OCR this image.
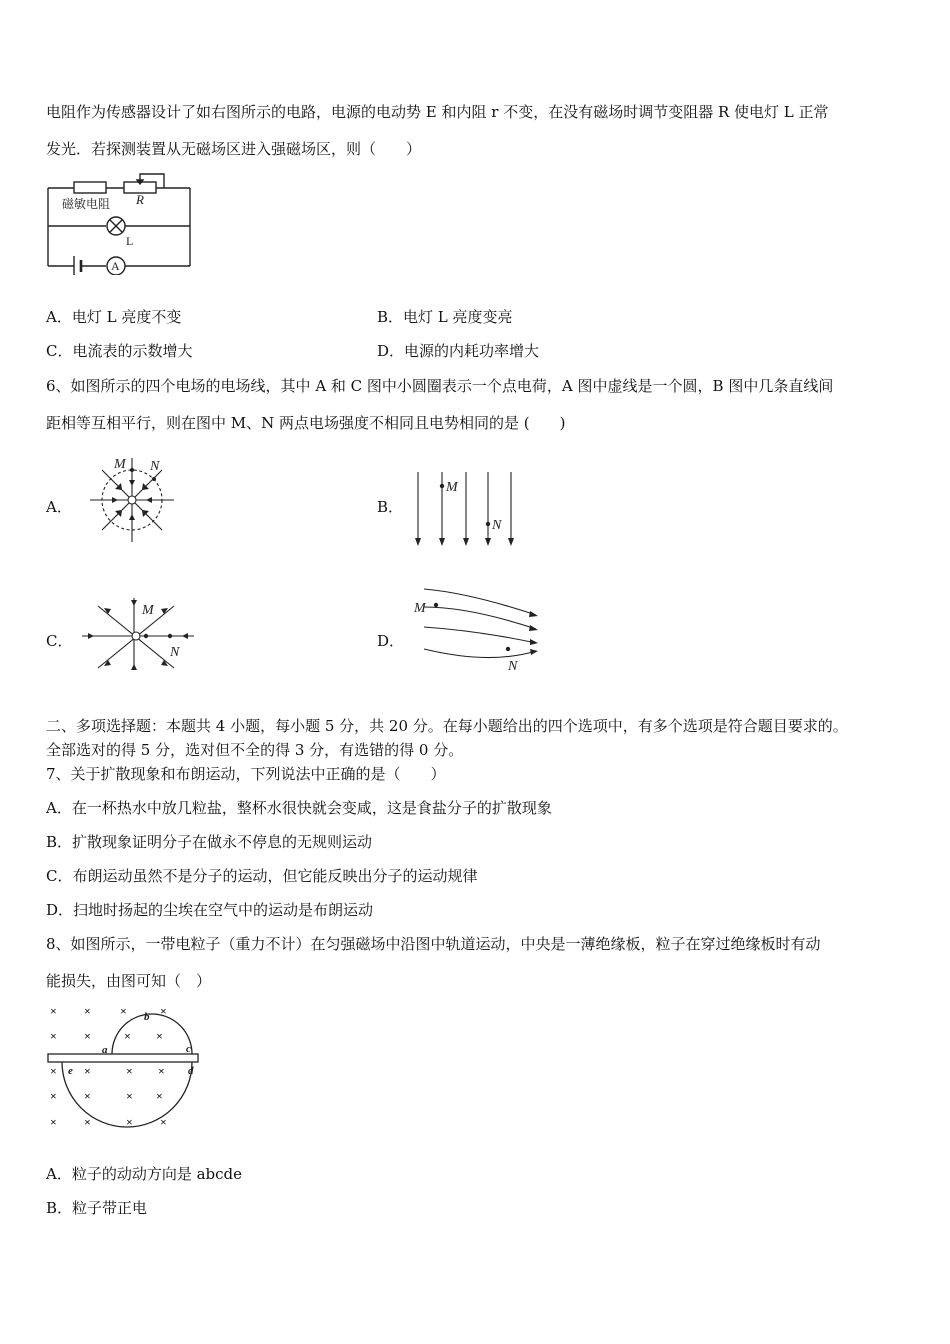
电阻作为传感器设计了如右图所示的电路，电源的电动势 E 和内阻 r 不变，在没有磁场时调节变阻器 R 使电灯 L 正常
发光．若探测装置从无磁场区进入强磁场区，则（　　）
磁敏电阻 R
L
A
A．电灯 L 亮度不变	B．电灯 L 亮度变亮
C．电流表的示数增大	D．电源的内耗功率增大
6、如图所示的四个电场的电场线，其中 A 和 C 图中小圆圈表示一个点电荷，A 图中虚线是一个圆，B 图中几条直线间
距相等互相平行，则在图中 M、N 两点电场强度不相同且电势相同的是 (　　)
A．
M N
B．
M
N
C．
M
N
D．
M
N
二、多项选择题：本题共 4 小题，每小题 5 分，共 20 分。在每小题给出的四个选项中，有多个选项是符合题目要求的。
全部选对的得 5 分，选对但不全的得 3 分，有选错的得 0 分。
7、关于扩散现象和布朗运动，下列说法中正确的是（　　）
A．在一杯热水中放几粒盐，整杯水很快就会变咸，这是食盐分子的扩散现象
B．扩散现象证明分子在做永不停息的无规则运动
C．布朗运动虽然不是分子的运动，但它能反映出分子的运动规律
D．扫地时扬起的尘埃在空气中的运动是布朗运动
8、如图所示，一带电粒子（重力不计）在匀强磁场中沿图中轨道运动，中央是一薄绝缘板，粒子在穿过绝缘板时有动
能损失，由图可知（　）
× × ×	×
× ×	× ×
× ×	× ×
× ×	× ×
× ×	× ×
a
b
c
d
e
A．粒子的动动方向是 abcde
B．粒子带正电
